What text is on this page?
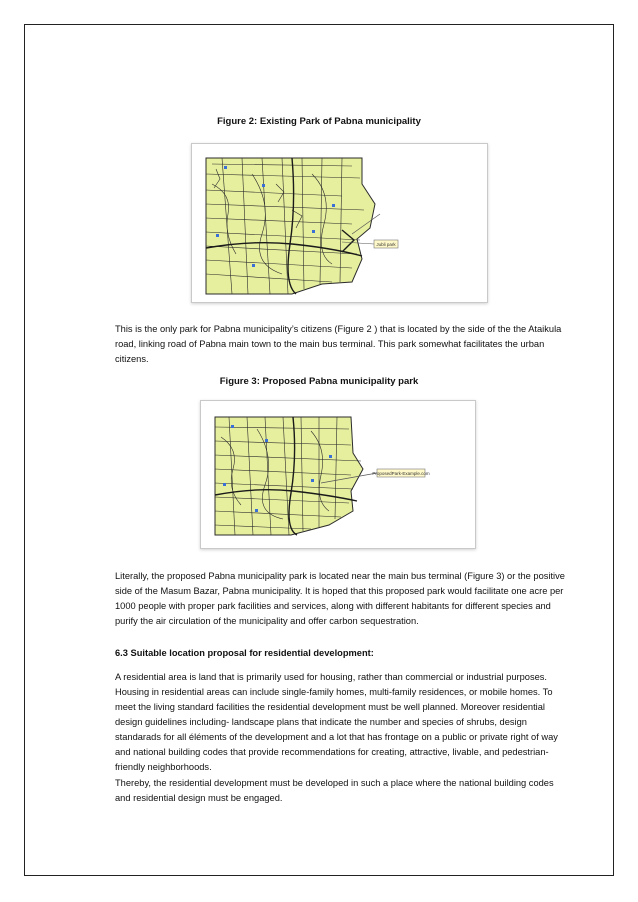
Figure 2: Existing Park of Pabna municipality
Jubli park
This is the only park for Pabna municipality’s citizens (Figure 2 ) that is located by the side of the the Ataikula road, linking road of Pabna main town to the main bus terminal. This park somewhat facilitates the urban citizens.
Figure 3: Proposed Pabna municipality park
ProposedPark-Example.com
Literally, the proposed Pabna municipality park is located near the main bus terminal (Figure 3) or the positive side of the Masum Bazar, Pabna municipality. It is hoped that this proposed park would facilitate one acre per 1000 people with proper park facilities and services, along with different habitants for different species and purify the air circulation of the municipality and offer carbon sequestration.
6.3 Suitable location proposal for residential development:
A residential area is land that is primarily used for housing, rather than commercial or industrial purposes. Housing in residential areas can include single-family homes, multi-family residences, or mobile homes. To meet the living standard facilities the residential development must be well planned. Moreover residential design guidelines including- landscape plans that indicate the number and species of shrubs, design standarads for all éléments of the development and a lot that has frontage on a public or private right of way and national building codes that provide recommendations for creating, attractive, livable, and pedestrian-friendly neighborhoods.
Thereby, the residential development must be developed in such a place where the national building codes and residential design must be engaged.
